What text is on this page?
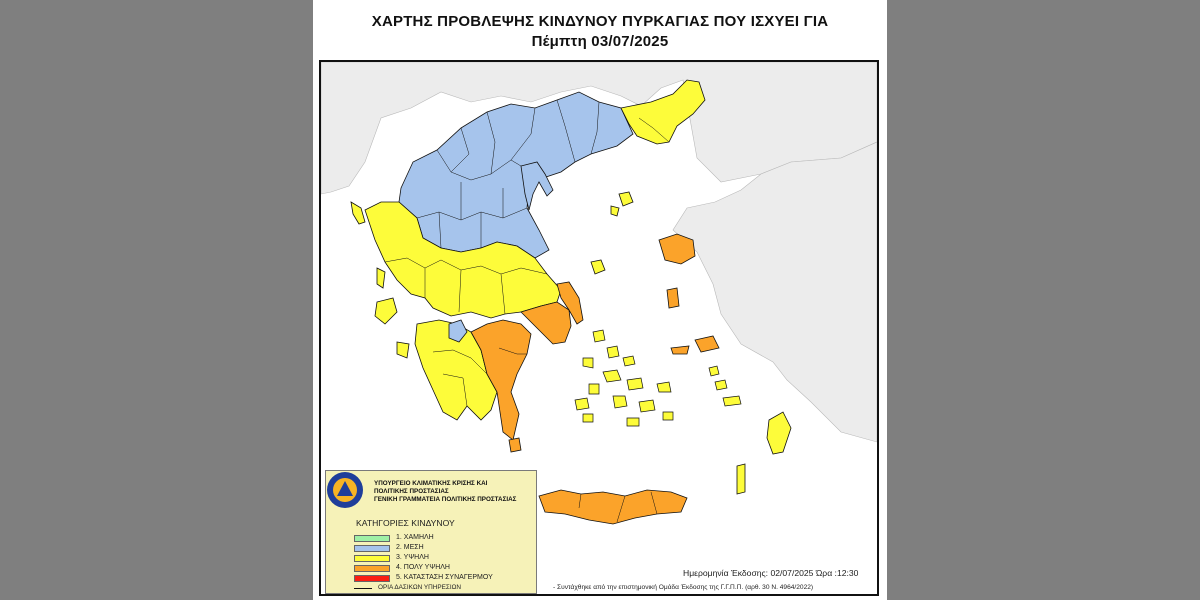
ΧΑΡΤΗΣ ΠΡΟΒΛΕΨΗΣ ΚΙΝΔΥΝΟΥ ΠΥΡΚΑΓΙΑΣ ΠΟΥ ΙΣΧΥΕΙ ΓΙΑ
Πέμπτη 03/07/2025
ΥΠΟΥΡΓΕΙΟ ΚΛΙΜΑΤΙΚΗΣ ΚΡΙΣΗΣ ΚΑΙ
ΠΟΛΙΤΙΚΗΣ ΠΡΟΣΤΑΣΙΑΣ
ΓΕΝΙΚΗ ΓΡΑΜΜΑΤΕΙΑ ΠΟΛΙΤΙΚΗΣ ΠΡΟΣΤΑΣΙΑΣ
ΚΑΤΗΓΟΡΙΕΣ ΚΙΝΔΥΝΟΥ
1. ΧΑΜΗΛΗ
2. ΜΕΣΗ
3. ΥΨΗΛΗ
4. ΠΟΛΥ ΥΨΗΛΗ
5. ΚΑΤΑΣΤΑΣΗ ΣΥΝΑΓΕΡΜΟΥ
ΟΡΙΑ ΔΑΣΙΚΩΝ ΥΠΗΡΕΣΙΩΝ
Ημερομηνία Έκδοσης: 02/07/2025 Ώρα :12:30
- Συντάχθηκε από την επιστημονική Ομάδα Έκδοσης της Γ.Γ.Π.Π. (αρθ. 30 Ν. 4964/2022)
